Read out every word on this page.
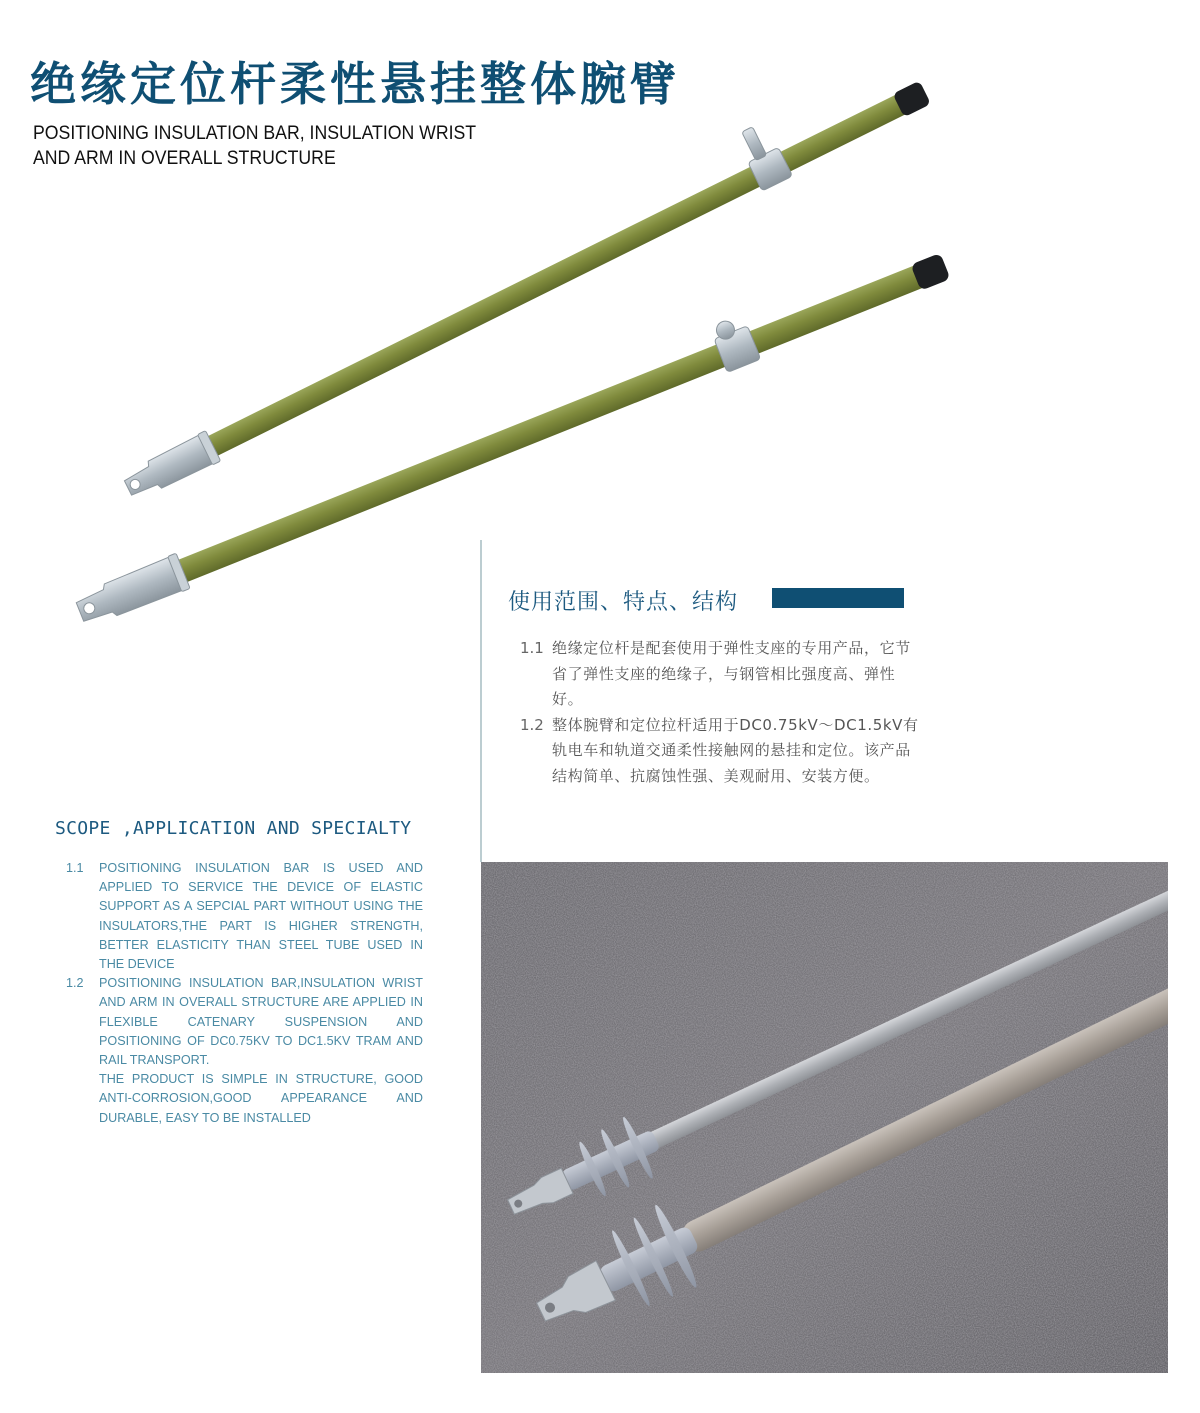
绝缘定位杆柔性悬挂整体腕臂
POSITIONING INSULATION BAR, INSULATION WRIST
AND ARM IN OVERALL STRUCTURE
使用范围、特点、结构
1.1 绝缘定位杆是配套使用于弹性支座的专用产品，它节省了弹性支座的绝缘子，与钢管相比强度高、弹性好。
1.2 整体腕臂和定位拉杆适用于DC0.75kV～DC1.5kV有轨电车和轨道交通柔性接触网的悬挂和定位。该产品结构简单、抗腐蚀性强、美观耐用、安装方便。
SCOPE ,APPLICATION AND SPECIALTY
1.1	POSITIONING INSULATION BAR IS USED AND APPLIED TO SERVICE THE DEVICE OF ELASTIC SUPPORT AS A SEPCIAL PART WITHOUT USING THE INSULATORS,THE PART IS HIGHER STRENGTH, BETTER ELASTICITY THAN STEEL TUBE USED IN THE DEVICE

1.2	POSITIONING INSULATION BAR,INSULATION WRIST AND ARM IN OVERALL STRUCTURE ARE APPLIED IN FLEXIBLE CATENARY SUSPENSION AND POSITIONING OF DC0.75KV TO DC1.5KV TRAM AND RAIL TRANSPORT.

THE PRODUCT IS SIMPLE IN STRUCTURE, GOOD ANTI-CORROSION,GOOD APPEARANCE AND DURABLE, EASY TO BE INSTALLED
